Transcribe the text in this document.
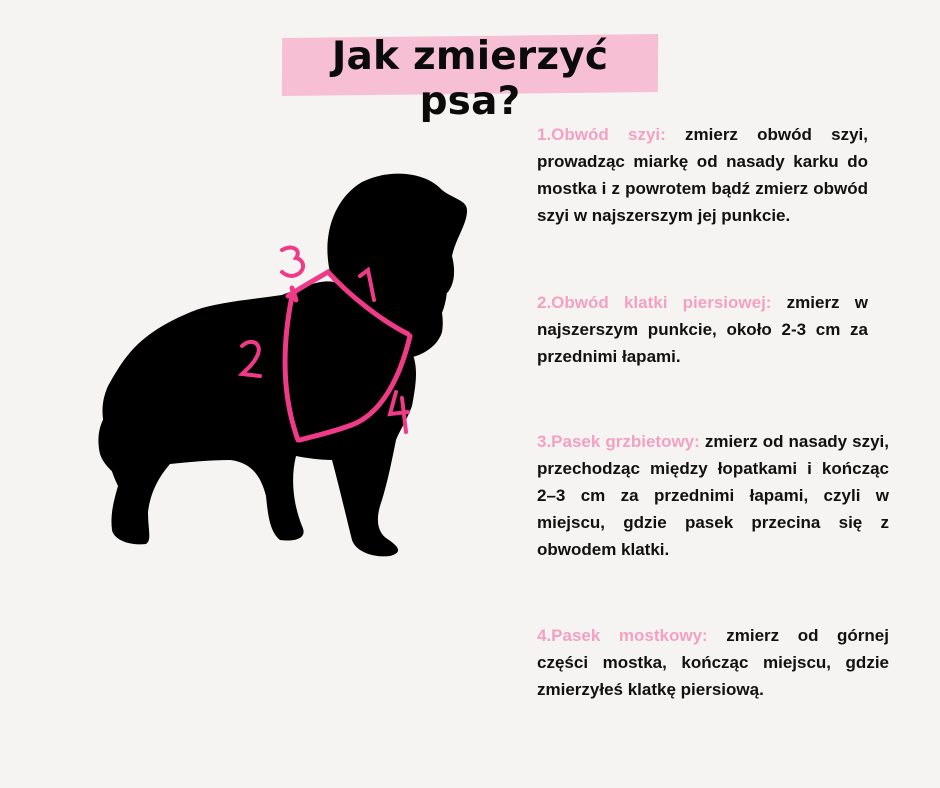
Jak zmierzyć psa?
1.Obwód szyi: zmierz obwód szyi, prowadząc miarkę od nasady karku do mostka i z powrotem bądź zmierz obwód szyi w najszerszym jej punkcie.
2.Obwód klatki piersiowej: zmierz w najszerszym punkcie, około 2-3 cm za przednimi łapami.
3.Pasek grzbietowy: zmierz od nasady szyi, przechodząc między łopatkami i kończąc 2–3 cm za przednimi łapami, czyli w miejscu, gdzie pasek przecina się z obwodem klatki.
4.Pasek mostkowy: zmierz od górnej części mostka, kończąc miejscu, gdzie zmierzyłeś klatkę piersiową.
